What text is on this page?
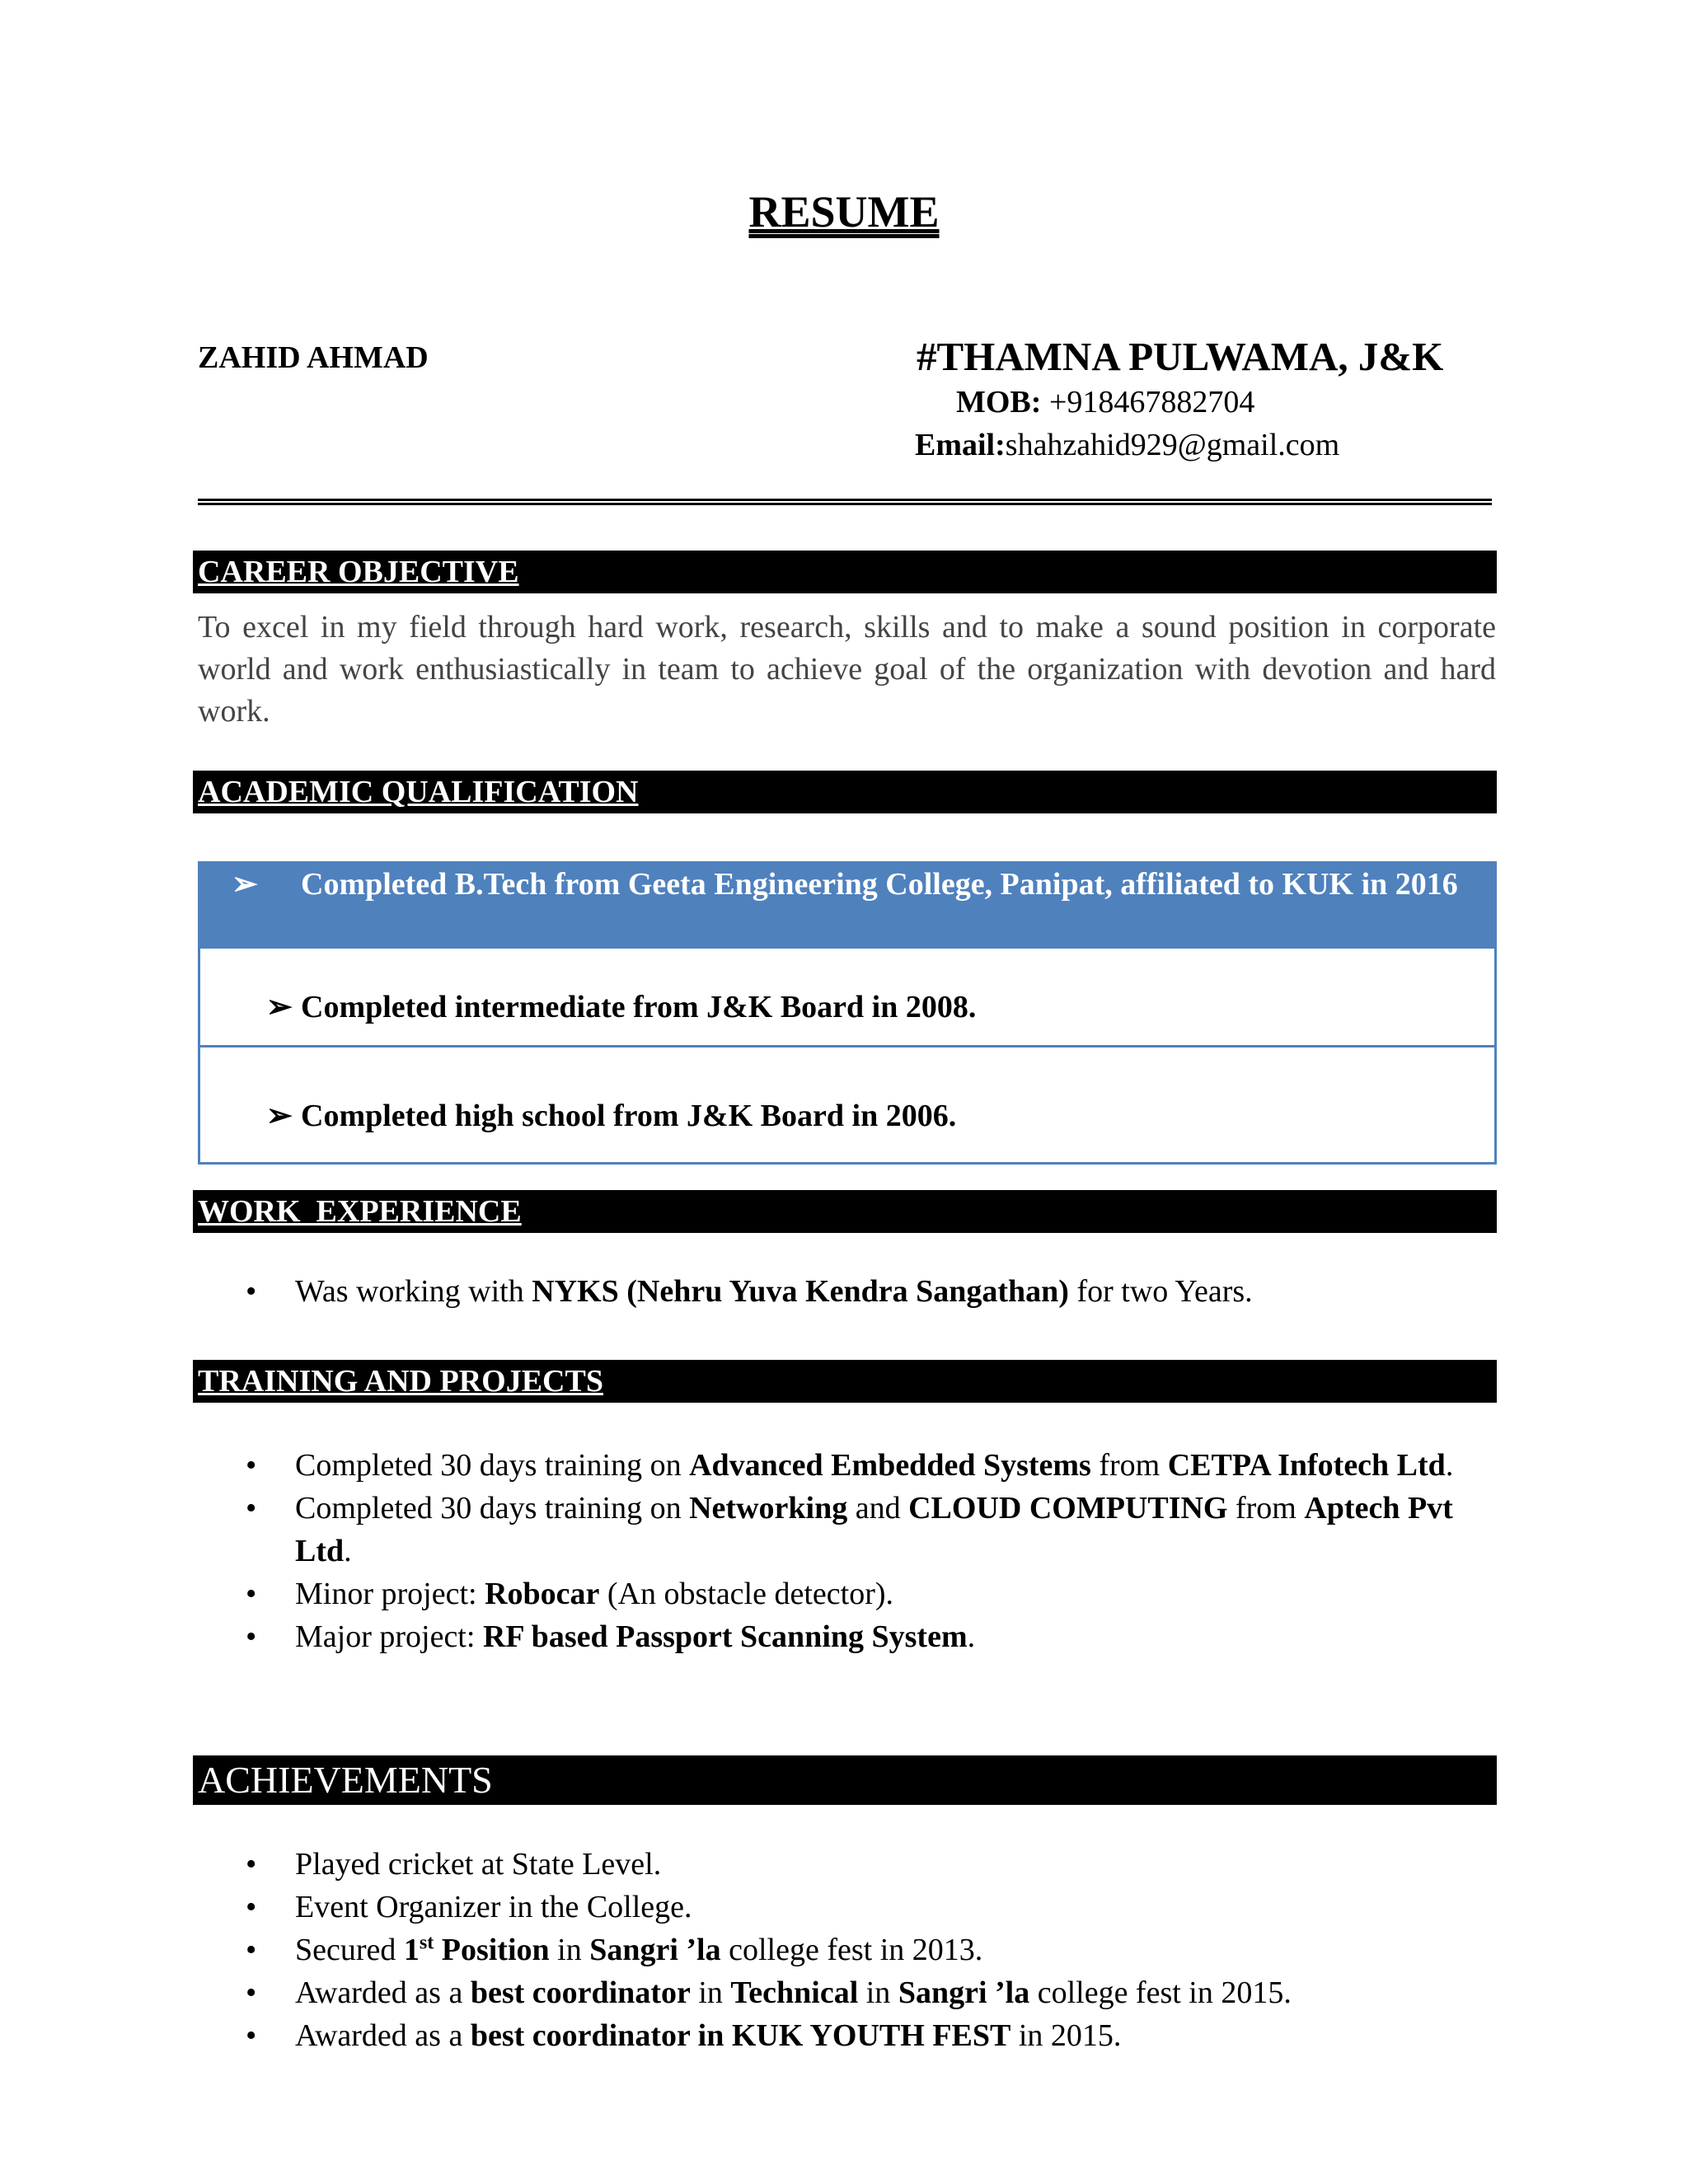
RESUME
ZAHID AHMAD	#THAMNA PULWAMA, J&K
MOB: +918467882704
Email:shahzahid929@gmail.com
CAREER OBJECTIVE
To excel in my field through hard work, research, skills and to make a sound position in corporate world and work enthusiastically in team to achieve goal of the organization with devotion and hard work.
ACADEMIC QUALIFICATION
➢ Completed B.Tech from Geeta Engineering College, Panipat, affiliated to KUK in 2016
➢ Completed intermediate from J&K Board in 2008.
➢ Completed high school from J&K Board in 2006.
WORK  EXPERIENCE
• Was working with NYKS (Nehru Yuva Kendra Sangathan) for two Years.
TRAINING AND PROJECTS
• Completed 30 days training on Advanced Embedded Systems from CETPA Infotech Ltd.
• Completed 30 days training on Networking and CLOUD COMPUTING from Aptech Pvt Ltd.
• Minor project: Robocar (An obstacle detector).
• Major project: RF based Passport Scanning System.
ACHIEVEMENTS
• Played cricket at State Level.
• Event Organizer in the College.
• Secured 1st Position in Sangri ’la college fest in 2013.
• Awarded as a best coordinator in Technical in Sangri ’la college fest in 2015.
• Awarded as a best coordinator in KUK YOUTH FEST in 2015.
